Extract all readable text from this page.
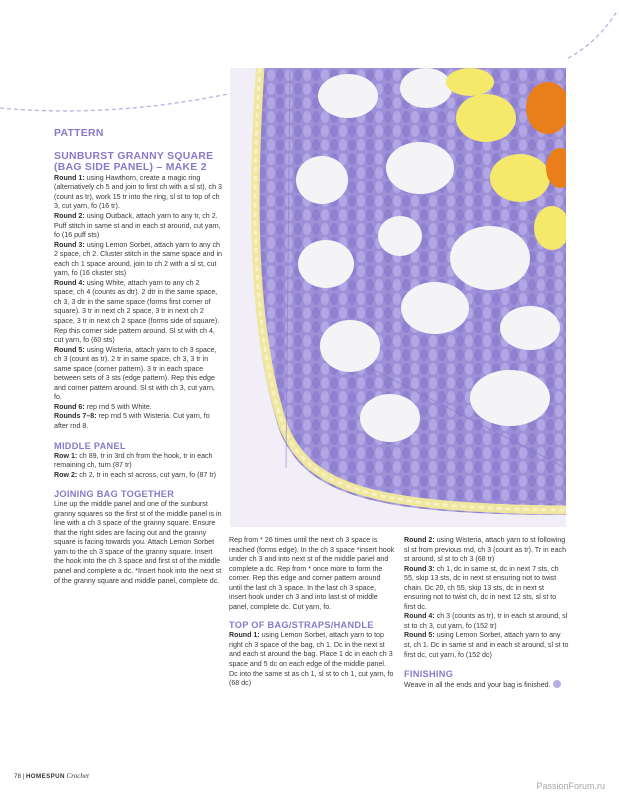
PATTERN

SUNBURST GRANNY SQUARE (BAG SIDE PANEL) – MAKE 2

Round 1: using Hawthorn, create a magic ring (alternatively ch 5 and join to first ch with a sl st), ch 3 (count as tr), work 15 tr into the ring, sl st to top of ch 3, cut yarn, fo (16 tr).

Round 2: using Outback, attach yarn to any tr, ch 2. Puff stitch in same st and in each st around, cut yarn, fo (16 puff sts)

Round 3: using Lemon Sorbet, attach yarn to any ch 2 space, ch 2. Cluster stitch in the same space and in each ch 1 space around, join to ch 2 with a sl st, cut yarn, fo (16 cluster sts)

Round 4: using White, attach yarn to any ch 2 space, ch 4 (counts as dtr). 2 dtr in the same space, ch 3, 3 dtr in the same space (forms first corner of square). 3 tr in next ch 2 space, 3 tr in next ch 2 space, 3 tr in next ch 2 space (forms side of square). Rep this corner side pattern around. Sl st with ch 4, cut yarn, fo (60 sts)

Round 5: using Wisteria, attach yarn to ch 3 space, ch 3 (count as tr). 2 tr in same space, ch 3, 3 tr in same space (corner pattern). 3 tr in each space between sets of 3 sts (edge pattern). Rep this edge and corner pattern around. Sl st with ch 3, cut yarn, fo.

Round 6: rep rnd 5 with White.

Rounds 7–8: rep rnd 5 with Wisteria. Cut yarn, fo after rnd 8.

MIDDLE PANEL

Row 1: ch 89, tr in 3rd ch from the hook, tr in each remaining ch, turn (87 tr)

Row 2: ch 2, tr in each st across, cut yarn, fo (87 tr)

JOINING BAG TOGETHER

Line up the middle panel and one of the sunburst granny squares so the first st of the middle panel is in line with a ch 3 space of the granny square. Ensure that the right sides are facing out and the granny square is facing towards you. Attach Lemon Sorbet yarn to the ch 3 space of the granny square. Insert the hook into the ch 3 space and first st of the middle panel and complete a dc. *Insert hook into the next st of the granny square and middle panel, complete dc.

Rep from * 26 times until the next ch 3 space is reached (forms edge). In the ch 3 space *insert hook under ch 3 and into next st of the middle panel and complete a dc. Rep from * once more to form the corner. Rep this edge and corner pattern around until the last ch 3 space. In the last ch 3 space, insert hook under ch 3 and into last st of middle panel, complete dc. Cut yarn, fo.

TOP OF BAG/STRAPS/HANDLE

Round 1: using Lemon Sorbet, attach yarn to top right ch 3 space of the bag, ch 1. Dc in the next st and each st around the bag. Place 1 dc in each ch 3 space and 5 dc on each edge of the middle panel. Dc into the same st as ch 1, sl st to ch 1, cut yarn, fo (68 dc)

Round 2: using Wisteria, attach yarn to st following sl st from previous rnd, ch 3 (count as tr). Tr in each st around, sl st to ch 3 (68 tr)

Round 3: ch 1, dc in same st, dc in next 7 sts, ch 55, skip 13 sts, dc in next st ensuring not to twist chain. Dc 20, ch 55, skip 13 sts, dc in next st ensuring not to twist ch, dc in next 12 sts, sl st to first dc.

Round 4: ch 3 (counts as tr), tr in each st around, sl st to ch 3, cut yarn, fo (152 tr)

Round 5: using Lemon Sorbet, attach yarn to any st, ch 1. Dc in same st and in each st around, sl st to first dc, cut yarn, fo (152 dc)

FINISHING

Weave in all the ends and your bag is finished.

78 | HOMESPUN Crochet
PassionForum.ru
